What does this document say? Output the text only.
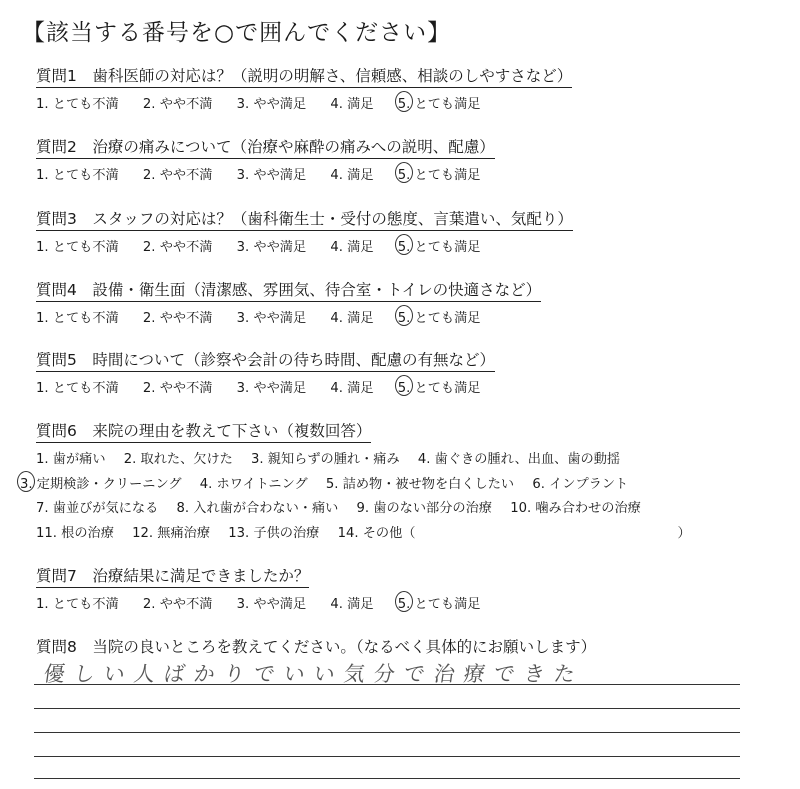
【該当する番号を○で囲んでください】
質問1　歯科医師の対応は？（説明の明解さ、信頼感、相談のしやすさなど）
1. とても不満 2. やや不満 3. やや満足 4. 満足 5. とても満足
質問2　治療の痛みについて（治療や麻酔の痛みへの説明、配慮）
1. とても不満 2. やや不満 3. やや満足 4. 満足 5. とても満足
質問3　スタッフの対応は？（歯科衛生士・受付の態度、言葉遣い、気配り）
1. とても不満 2. やや不満 3. やや満足 4. 満足 5. とても満足
質問4　設備・衛生面（清潔感、雰囲気、待合室・トイレの快適さなど）
1. とても不満 2. やや不満 3. やや満足 4. 満足 5. とても満足
質問5　時間について（診察や会計の待ち時間、配慮の有無など）
1. とても不満 2. やや不満 3. やや満足 4. 満足 5. とても満足
質問6　来院の理由を教えて下さい（複数回答）
1. 歯が痛い 2. 取れた、欠けた 3. 親知らずの腫れ・痛み 4. 歯ぐきの腫れ、出血、歯の動揺
3. 定期検診・クリーニング 4. ホワイトニング 5. 詰め物・被せ物を白くしたい 6. インプラント
7. 歯並びが気になる 8. 入れ歯が合わない・痛い 9. 歯のない部分の治療 10. 噛み合わせの治療
11. 根の治療 12. 無痛治療 13. 子供の治療 14. その他（	）
質問7　治療結果に満足できましたか？
1. とても不満 2. やや不満 3. やや満足 4. 満足 5. とても満足
質問8　当院の良いところを教えてください。（なるべく具体的にお願いします）
優しい人ばかりでいい気分で治療できた
